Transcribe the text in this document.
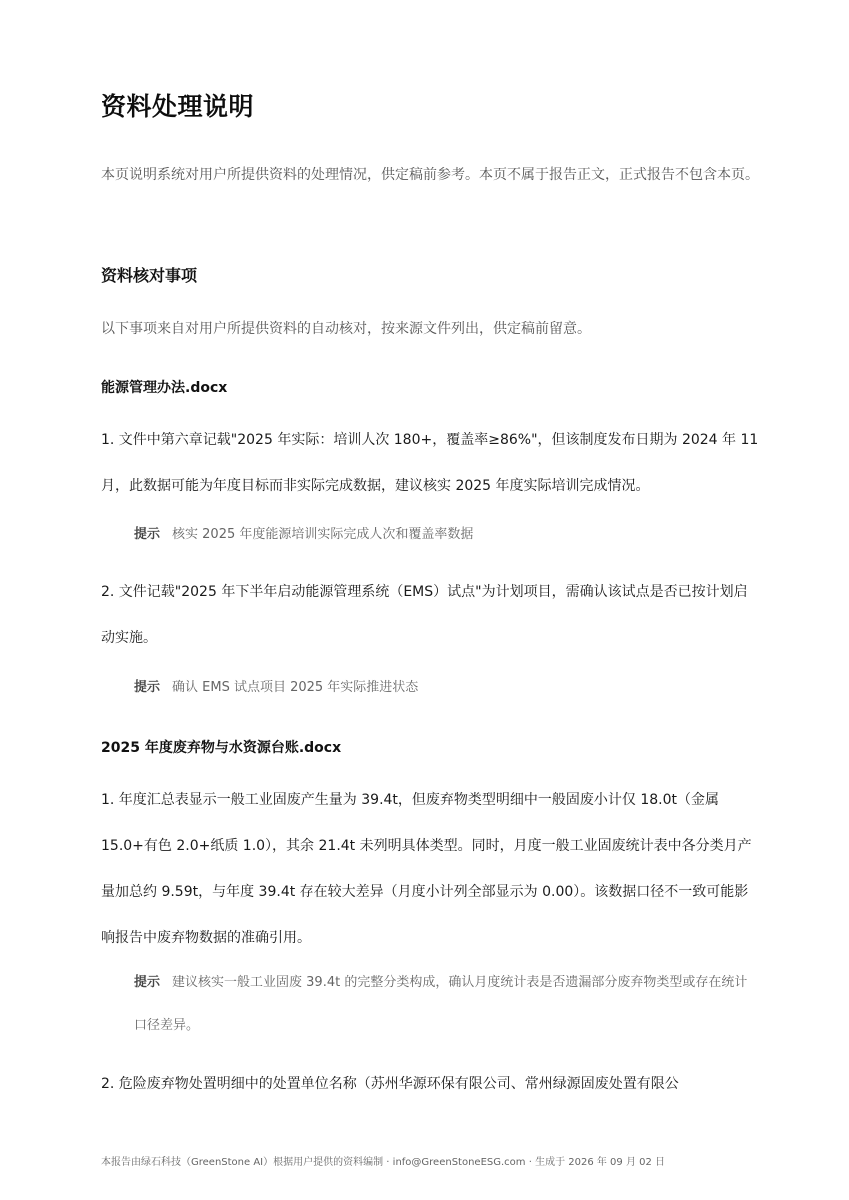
资料处理说明

本页说明系统对用户所提供资料的处理情况，供定稿前参考。本页不属于报告正文，正式报告不包含本页。

资料核对事项

以下事项来自对用户所提供资料的自动核对，按来源文件列出，供定稿前留意。

能源管理办法.docx

1. 文件中第六章记载"2025 年实际：培训人次 180+，覆盖率≥86%"，但该制度发布日期为 2024 年 11 月，此数据可能为年度目标而非实际完成数据，建议核实 2025 年度实际培训完成情况。

提示 核实 2025 年度能源培训实际完成人次和覆盖率数据

2. 文件记载"2025 年下半年启动能源管理系统（EMS）试点"为计划项目，需确认该试点是否已按计划启动实施。

提示 确认 EMS 试点项目 2025 年实际推进状态

2025 年度废弃物与水资源台账.docx

1. 年度汇总表显示一般工业固废产生量为 39.4t，但废弃物类型明细中一般固废小计仅 18.0t（金属 15.0+有色 2.0+纸质 1.0），其余 21.4t 未列明具体类型。同时，月度一般工业固废统计表中各分类月产量加总约 9.59t，与年度 39.4t 存在较大差异（月度小计列全部显示为 0.00）。该数据口径不一致可能影响报告中废弃物数据的准确引用。

提示 建议核实一般工业固废 39.4t 的完整分类构成，确认月度统计表是否遗漏部分废弃物类型或存在统计口径差异。

2. 危险废弃物处置明细中的处置单位名称（苏州华源环保有限公司、常州绿源固废处置有限公

本报告由绿石科技（GreenStone AI）根据用户提供的资料编制 · info@GreenStoneESG.com · 生成于 2026 年 09 月 02 日
